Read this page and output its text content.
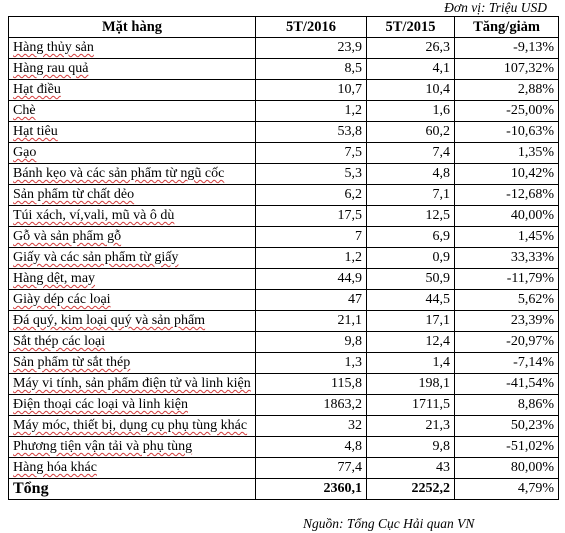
Đơn vị: Triệu USD
Mặt hàng	5T/2016	5T/2015	Tăng/giảm
Hàng thủy sản	23,9	26,3	-9,13%
Hàng rau quả	8,5	4,1	107,32%
Hạt điều	10,7	10,4	2,88%
Chè	1,2	1,6	-25,00%
Hạt tiêu	53,8	60,2	-10,63%
Gạo	7,5	7,4	1,35%
Bánh kẹo và các sản phẩm từ ngũ cốc	5,3	4,8	10,42%
Sản phẩm từ chất dẻo	6,2	7,1	-12,68%
Túi xách, ví,vali, mũ và ô dù	17,5	12,5	40,00%
Gỗ và sản phẩm gỗ	7	6,9	1,45%
Giấy và các sản phẩm từ giấy	1,2	0,9	33,33%
Hàng dệt, may	44,9	50,9	-11,79%
Giày dép các loại	47	44,5	5,62%
Đá quý, kim loại quý và sản phẩm	21,1	17,1	23,39%
Sắt thép các loại	9,8	12,4	-20,97%
Sản phẩm từ sắt thép	1,3	1,4	-7,14%
Máy vi tính, sản phẩm điện tử và linh kiện	115,8	198,1	-41,54%
Điện thoại các loại và linh kiện	1863,2	1711,5	8,86%
Máy móc, thiết bị, dụng cụ phụ tùng khác	32	21,3	50,23%
Phương tiện vận tải và phụ tùng	4,8	9,8	-51,02%
Hàng hóa khác	77,4	43	80,00%
Tổng	2360,1	2252,2	4,79%
Nguồn: Tổng Cục Hải quan VN
